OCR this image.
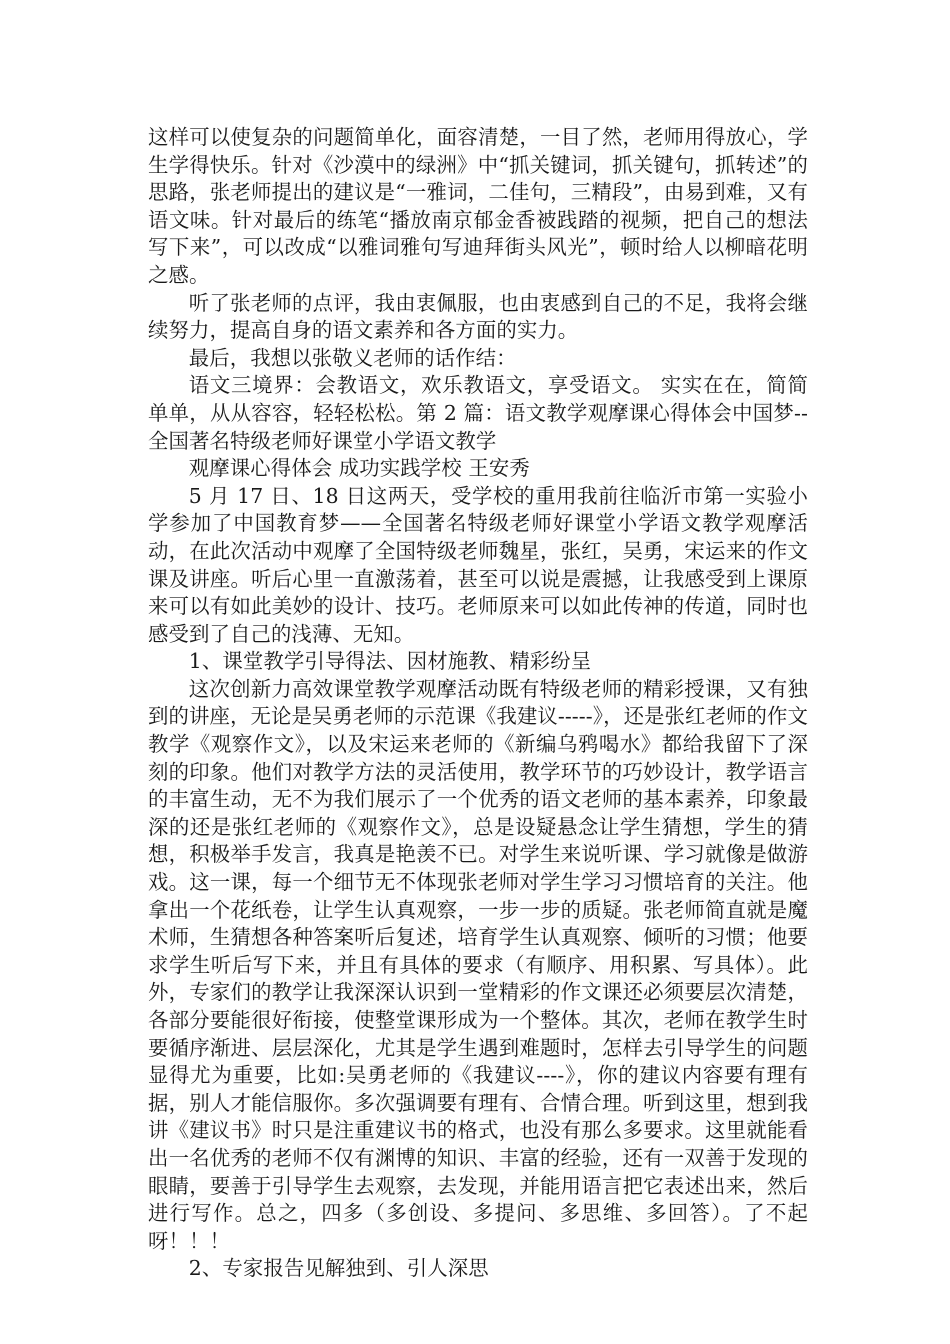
这样可以使复杂的问题简单化，面容清楚，一目了然，老师用得放心，学生学得快乐。针对《沙漠中的绿洲》中“抓关键词，抓关键句，抓转述”的思路，张老师提出的建议是“一雅词，二佳句，三精段”，由易到难，又有语文味。针对最后的练笔“播放南京郁金香被践踏的视频，把自己的想法写下来”，可以改成“以雅词雅句写迪拜街头风光”，顿时给人以柳暗花明之感。

听了张老师的点评，我由衷佩服，也由衷感到自己的不足，我将会继续努力，提高自身的语文素养和各方面的实力。

最后，我想以张敬义老师的话作结：

语文三境界：会教语文，欢乐教语文，享受语文。 实实在在，简简单单，从从容容，轻轻松松。第 2 篇：语文教学观摩课心得体会中国梦--全国著名特级老师好课堂小学语文教学

观摩课心得体会 成功实践学校 王安秀

5 月 17 日、18 日这两天，受学校的重用我前往临沂市第一实验小学参加了中国教育梦——全国著名特级老师好课堂小学语文教学观摩活动，在此次活动中观摩了全国特级老师魏星，张红，吴勇，宋运来的作文课及讲座。听后心里一直激荡着，甚至可以说是震撼，让我感受到上课原来可以有如此美妙的设计、技巧。老师原来可以如此传神的传道，同时也感受到了自己的浅薄、无知。

1、课堂教学引导得法、因材施教、精彩纷呈

这次创新力高效课堂教学观摩活动既有特级老师的精彩授课，又有独到的讲座，无论是吴勇老师的示范课《我建议-----》，还是张红老师的作文教学《观察作文》，以及宋运来老师的《新编乌鸦喝水》都给我留下了深刻的印象。他们对教学方法的灵活使用，教学环节的巧妙设计，教学语言的丰富生动，无不为我们展示了一个优秀的语文老师的基本素养，印象最深的还是张红老师的《观察作文》，总是设疑悬念让学生猜想，学生的猜想，积极举手发言，我真是艳羡不已。对学生来说听课、学习就像是做游戏。这一课，每一个细节无不体现张老师对学生学习习惯培育的关注。他拿出一个花纸卷，让学生认真观察，一步一步的质疑。张老师简直就是魔术师，生猜想各种答案听后复述，培育学生认真观察、倾听的习惯；他要求学生听后写下来，并且有具体的要求（有顺序、用积累、写具体）。此外，专家们的教学让我深深认识到一堂精彩的作文课还必须要层次清楚，各部分要能很好衔接，使整堂课形成为一个整体。其次，老师在教学生时要循序渐进、层层深化，尤其是学生遇到难题时，怎样去引导学生的问题显得尤为重要，比如:吴勇老师的《我建议----》，你的建议内容要有理有据，别人才能信服你。多次强调要有理有、合情合理。听到这里，想到我讲《建议书》时只是注重建议书的格式，也没有那么多要求。这里就能看出一名优秀的老师不仅有渊博的知识、丰富的经验，还有一双善于发现的眼睛，要善于引导学生去观察，去发现，并能用语言把它表述出来，然后进行写作。总之，四多（多创设、多提问、多思维、多回答）。了不起呀！！！

2、专家报告见解独到、引人深思
